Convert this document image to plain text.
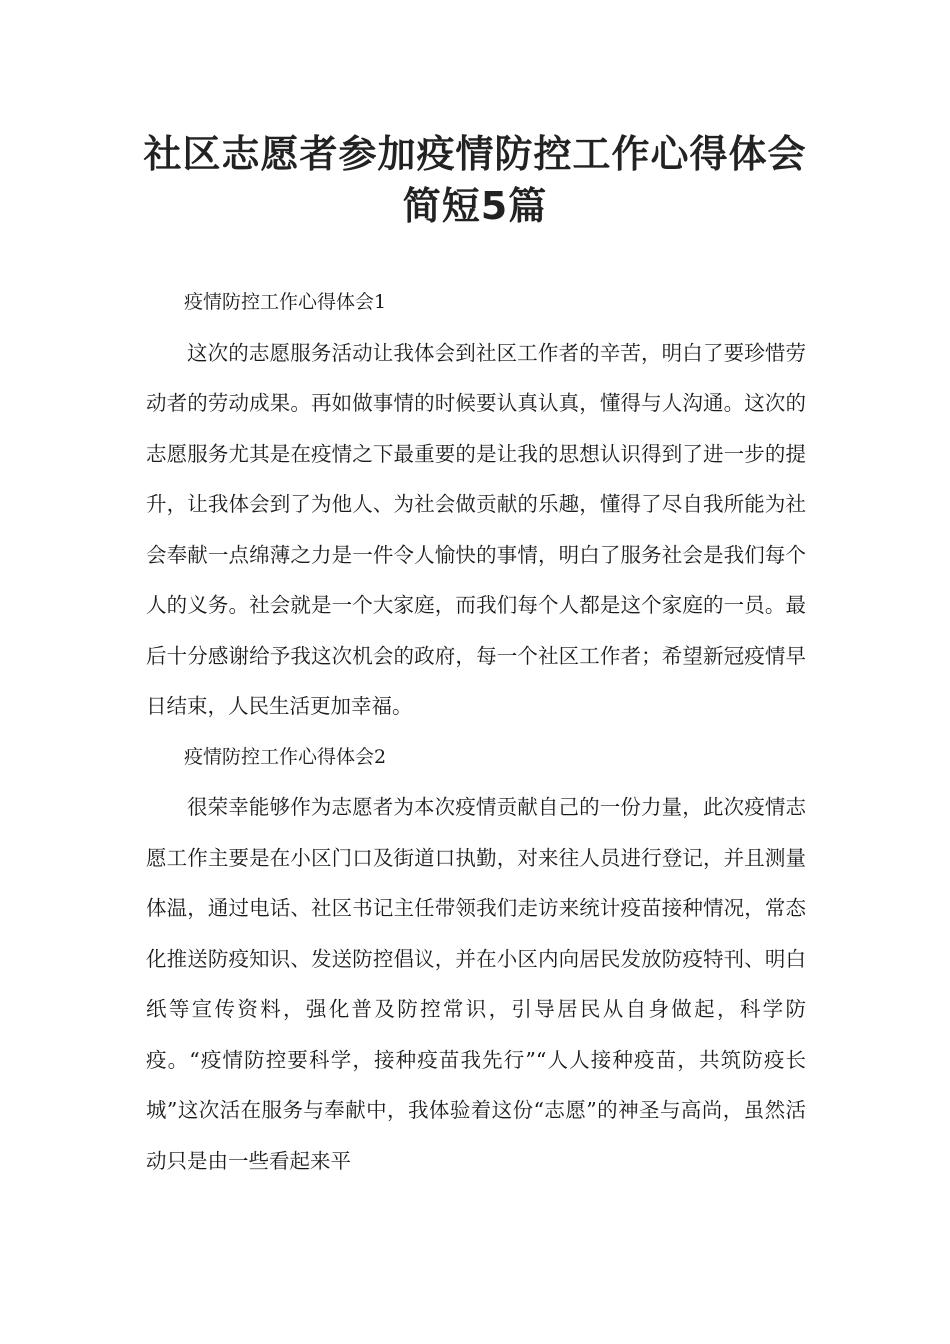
社区志愿者参加疫情防控工作心得体会
简短5篇

疫情防控工作心得体会1

这次的志愿服务活动让我体会到社区工作者的辛苦，明白了要珍惜劳动者的劳动成果。再如做事情的时候要认真认真，懂得与人沟通。这次的志愿服务尤其是在疫情之下最重要的是让我的思想认识得到了进一步的提升，让我体会到了为他人、为社会做贡献的乐趣，懂得了尽自我所能为社会奉献一点绵薄之力是一件令人愉快的事情，明白了服务社会是我们每个人的义务。社会就是一个大家庭，而我们每个人都是这个家庭的一员。最后十分感谢给予我这次机会的政府，每一个社区工作者；希望新冠疫情早日结束，人民生活更加幸福。

疫情防控工作心得体会2

很荣幸能够作为志愿者为本次疫情贡献自己的一份力量，此次疫情志愿工作主要是在小区门口及街道口执勤，对来往人员进行登记，并且测量体温，通过电话、社区书记主任带领我们走访来统计疫苗接种情况，常态化推送防疫知识、发送防控倡议，并在小区内向居民发放防疫特刊、明白纸等宣传资料，强化普及防控常识，引导居民从自身做起，科学防疫。“疫情防控要科学，接种疫苗我先行”“人人接种疫苗，共筑防疫长城”这次活在服务与奉献中，我体验着这份“志愿”的神圣与高尚，虽然活动只是由一些看起来平
